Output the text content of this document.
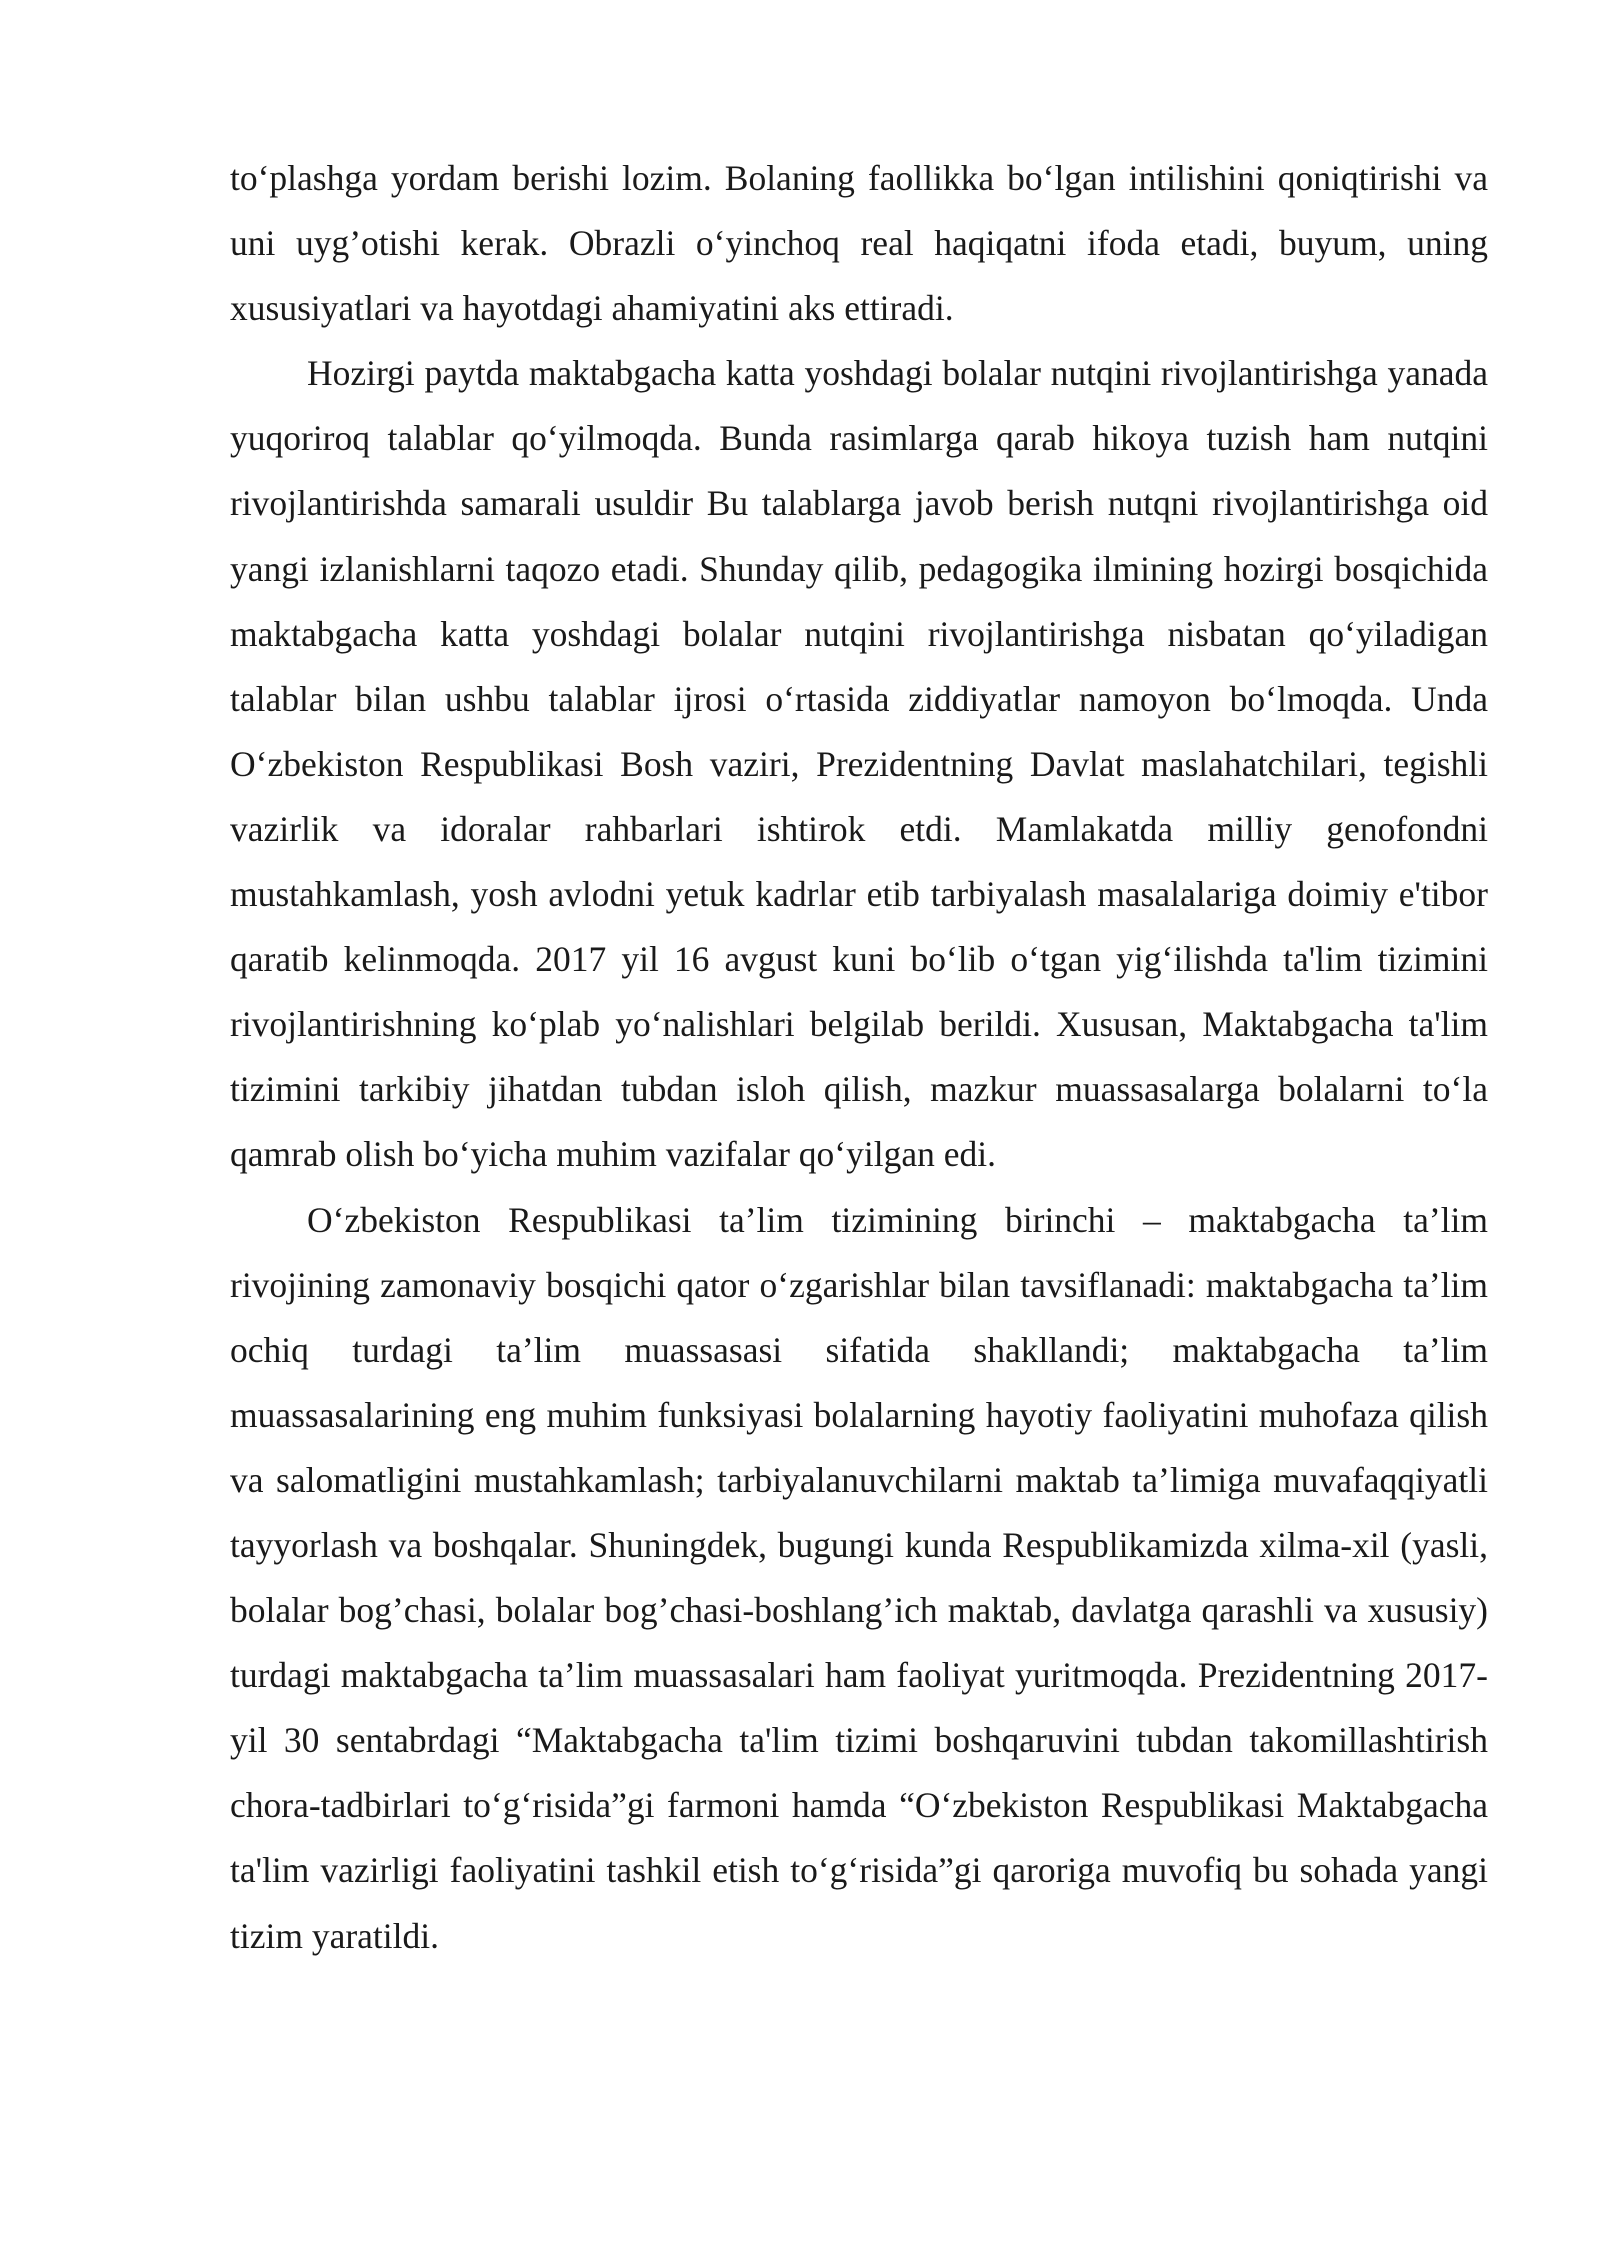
to‘plashga yordam berishi lozim. Bolaning faollikka bo‘lgan intilishini qoniqtirishi va uni uyg’otishi kerak. Obrazli o‘yinchoq real haqiqatni ifoda etadi, buyum, uning xususiyatlari va hayotdagi ahamiyatini aks ettiradi.

Hozirgi paytda maktabgacha katta yoshdagi bolalar nutqini rivojlantirishga yanada yuqoriroq talablar qo‘yilmoqda. Bunda rasimlarga qarab hikoya tuzish ham nutqini rivojlantirishda samarali usuldir Bu talablarga javob berish nutqni rivojlantirishga oid yangi izlanishlarni taqozo etadi. Shunday qilib, pedagogika ilmining hozirgi bosqichida maktabgacha katta yoshdagi bolalar nutqini rivojlantirishga nisbatan qo‘yiladigan talablar bilan ushbu talablar ijrosi o‘rtasida ziddiyatlar namoyon bo‘lmoqda. Unda O‘zbekiston Respublikasi Bosh vaziri, Prezidentning Davlat maslahatchilari, tegishli vazirlik va idoralar rahbarlari ishtirok etdi. Mamlakatda milliy genofondni mustahkamlash, yosh avlodni yetuk kadrlar etib tarbiyalash masalalariga doimiy e'tibor qaratib kelinmoqda. 2017 yil 16 avgust kuni bo‘lib o‘tgan yig‘ilishda ta'lim tizimini rivojlantirishning ko‘plab yo‘nalishlari belgilab berildi. Xususan, Maktabgacha ta'lim tizimini tarkibiy jihatdan tubdan isloh qilish, mazkur muassasalarga bolalarni to‘la qamrab olish bo‘yicha muhim vazifalar qo‘yilgan edi.

O‘zbekiston Respublikasi ta’lim tizimining birinchi – maktabgacha ta’lim rivojining zamonaviy bosqichi qator o‘zgarishlar bilan tavsiflanadi: maktabgacha ta’lim ochiq turdagi ta’lim muassasasi sifatida shakllandi; maktabgacha ta’lim muassasalarining eng muhim funksiyasi bolalarning hayotiy faoliyatini muhofaza qilish va salomatligini mustahkamlash; tarbiyalanuvchilarni maktab ta’limiga muvafaqqiyatli tayyorlash va boshqalar. Shuningdek, bugungi kunda Respublikamizda xilma-xil (yasli, bolalar bog’chasi, bolalar bog’chasi-boshlang’ich maktab, davlatga qarashli va xususiy) turdagi maktabgacha ta’lim muassasalari ham faoliyat yuritmoqda. Prezidentning 2017- yil 30 sentabrdagi “Maktabgacha ta'lim tizimi boshqaruvini tubdan takomillashtirish chora-tadbirlari to‘g‘risida”gi farmoni hamda “O‘zbekiston Respublikasi Maktabgacha ta'lim vazirligi faoliyatini tashkil etish to‘g‘risida”gi qaroriga muvofiq bu sohada yangi tizim yaratildi.
